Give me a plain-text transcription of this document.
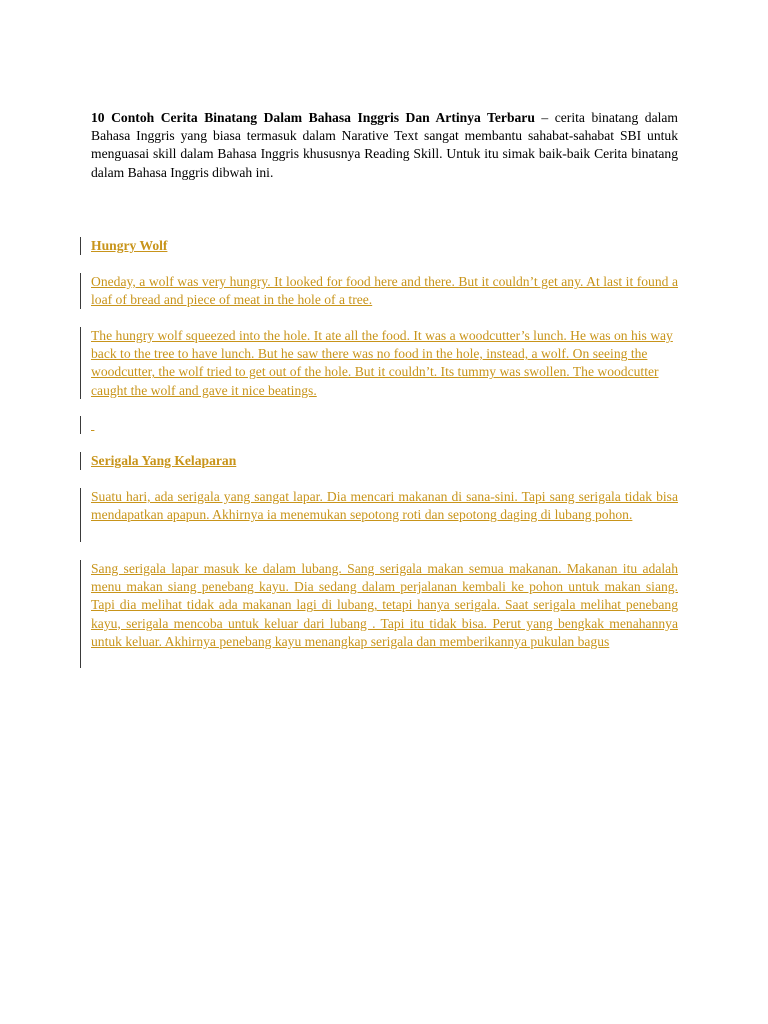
10 Contoh Cerita Binatang Dalam Bahasa Inggris Dan Artinya Terbaru – cerita binatang dalam Bahasa Inggris yang biasa termasuk dalam Narative Text sangat membantu sahabat-sahabat SBI untuk menguasai skill dalam Bahasa Inggris khususnya Reading Skill. Untuk itu simak baik-baik Cerita binatang dalam Bahasa Inggris dibwah ini.

Hungry Wolf

Oneday, a wolf was very hungry. It looked for food here and there. But it couldn’t get any. At last it found a loaf of bread and piece of meat in the hole of a tree.

The hungry wolf squeezed into the hole. It ate all the food. It was a woodcutter’s lunch. He was on his way back to the tree to have lunch. But he saw there was no food in the hole, instead, a wolf. On seeing the woodcutter, the wolf tried to get out of the hole. But it couldn’t. Its tummy was swollen. The woodcutter caught the wolf and gave it nice beatings.

Serigala Yang Kelaparan

Suatu hari, ada serigala yang sangat lapar. Dia mencari makanan di sana-sini. Tapi sang serigala tidak bisa mendapatkan apapun. Akhirnya ia menemukan sepotong roti dan sepotong daging di lubang pohon.

Sang serigala lapar masuk ke dalam lubang. Sang serigala makan semua makanan. Makanan itu adalah menu makan siang penebang kayu. Dia sedang dalam perjalanan kembali ke pohon untuk makan siang. Tapi dia melihat tidak ada makanan lagi di lubang, tetapi hanya serigala. Saat serigala melihat penebang kayu, serigala mencoba untuk keluar dari lubang . Tapi itu tidak bisa. Perut yang bengkak menahannya untuk keluar. Akhirnya penebang kayu menangkap serigala dan memberikannya pukulan bagus
